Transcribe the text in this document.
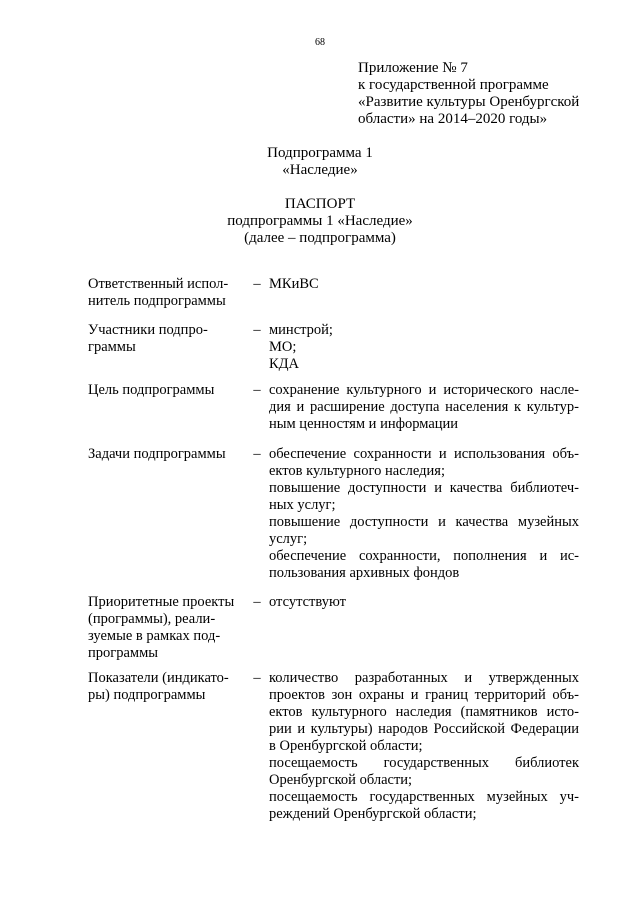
68
Приложение № 7
к государственной программе
«Развитие культуры Оренбургской
области» на 2014–2020 годы»
Подпрограмма 1
«Наследие»
ПАСПОРТ
подпрограммы 1 «Наследие»
(далее – подпрограмма)
Ответственный испол-
нитель подпрограммы
– МКиВС
Участники подпро-
граммы
– минстрой;
МО;
КДА
Цель подпрограммы	– сохранение культурного и исторического насле-
дия и расширение доступа населения к культур-
ным ценностям и информации
Задачи подпрограммы	– обеспечение сохранности и использования объ-
ектов культурного наследия;
повышение доступности и качества библиотеч-
ных услуг;
повышение доступности и качества музейных
услуг;
обеспечение сохранности, пополнения и ис-
пользования архивных фондов
Приоритетные проекты
(программы), реали-
зуемые в рамках под-
программы
– отсутствуют
Показатели (индикато-
ры) подпрограммы
– количество разработанных и утвержденных
проектов зон охраны и границ территорий объ-
ектов культурного наследия (памятников исто-
рии и культуры) народов Российской Федерации
в Оренбургской области;
посещаемость государственных библиотек
Оренбургской области;
посещаемость государственных музейных уч-
реждений Оренбургской области;
